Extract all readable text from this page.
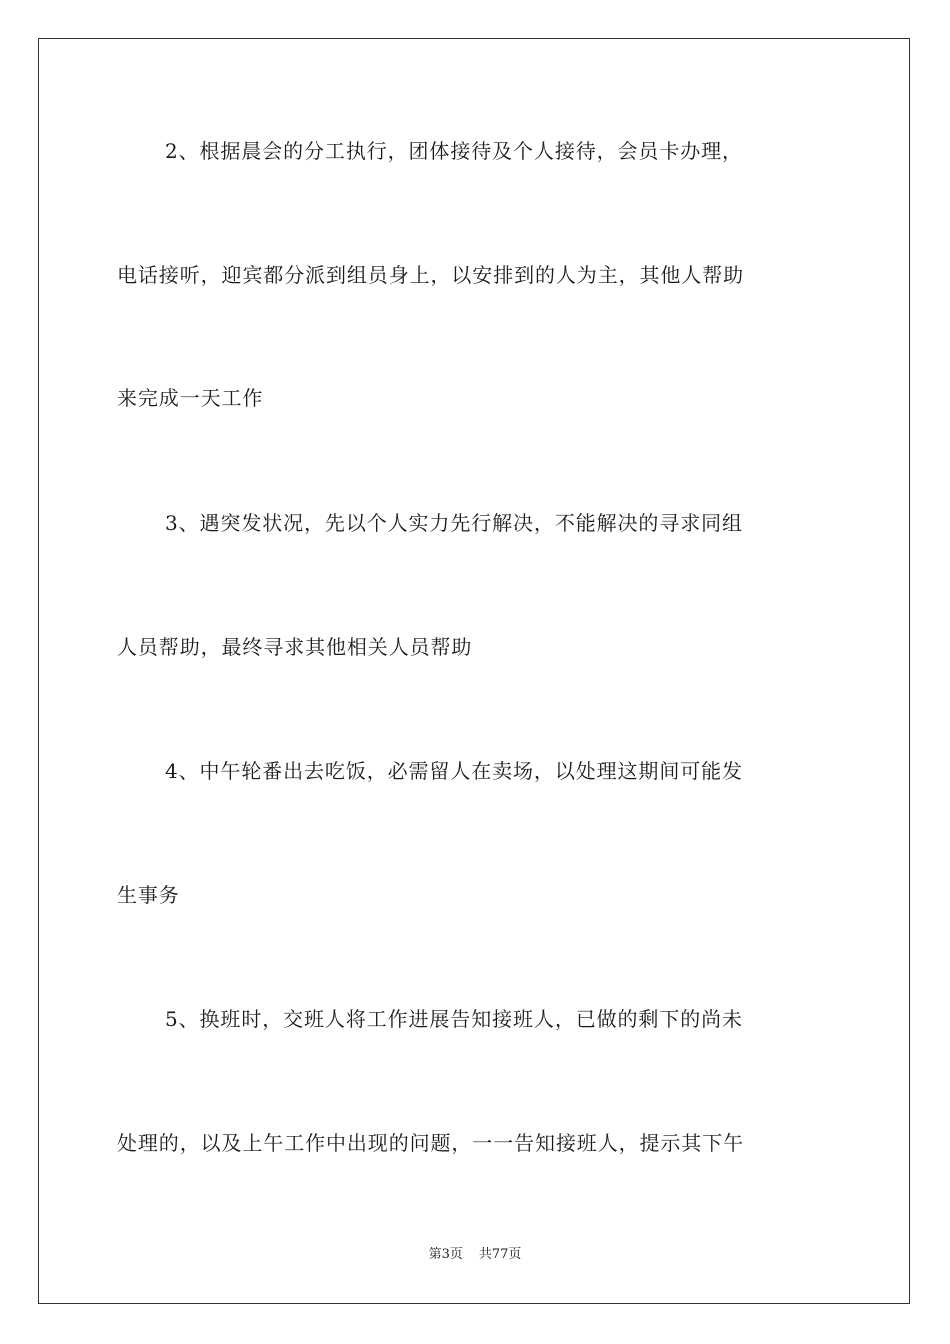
2、根据晨会的分工执行，团体接待及个人接待，会员卡办理，
电话接听，迎宾都分派到组员身上，以安排到的人为主，其他人帮助
来完成一天工作
3、遇突发状况，先以个人实力先行解决，不能解决的寻求同组
人员帮助，最终寻求其他相关人员帮助
4、中午轮番出去吃饭，必需留人在卖场，以处理这期间可能发
生事务
5、换班时，交班人将工作进展告知接班人，已做的剩下的尚未
处理的，以及上午工作中出现的问题，一一告知接班人，提示其下午
第3页 共77页
